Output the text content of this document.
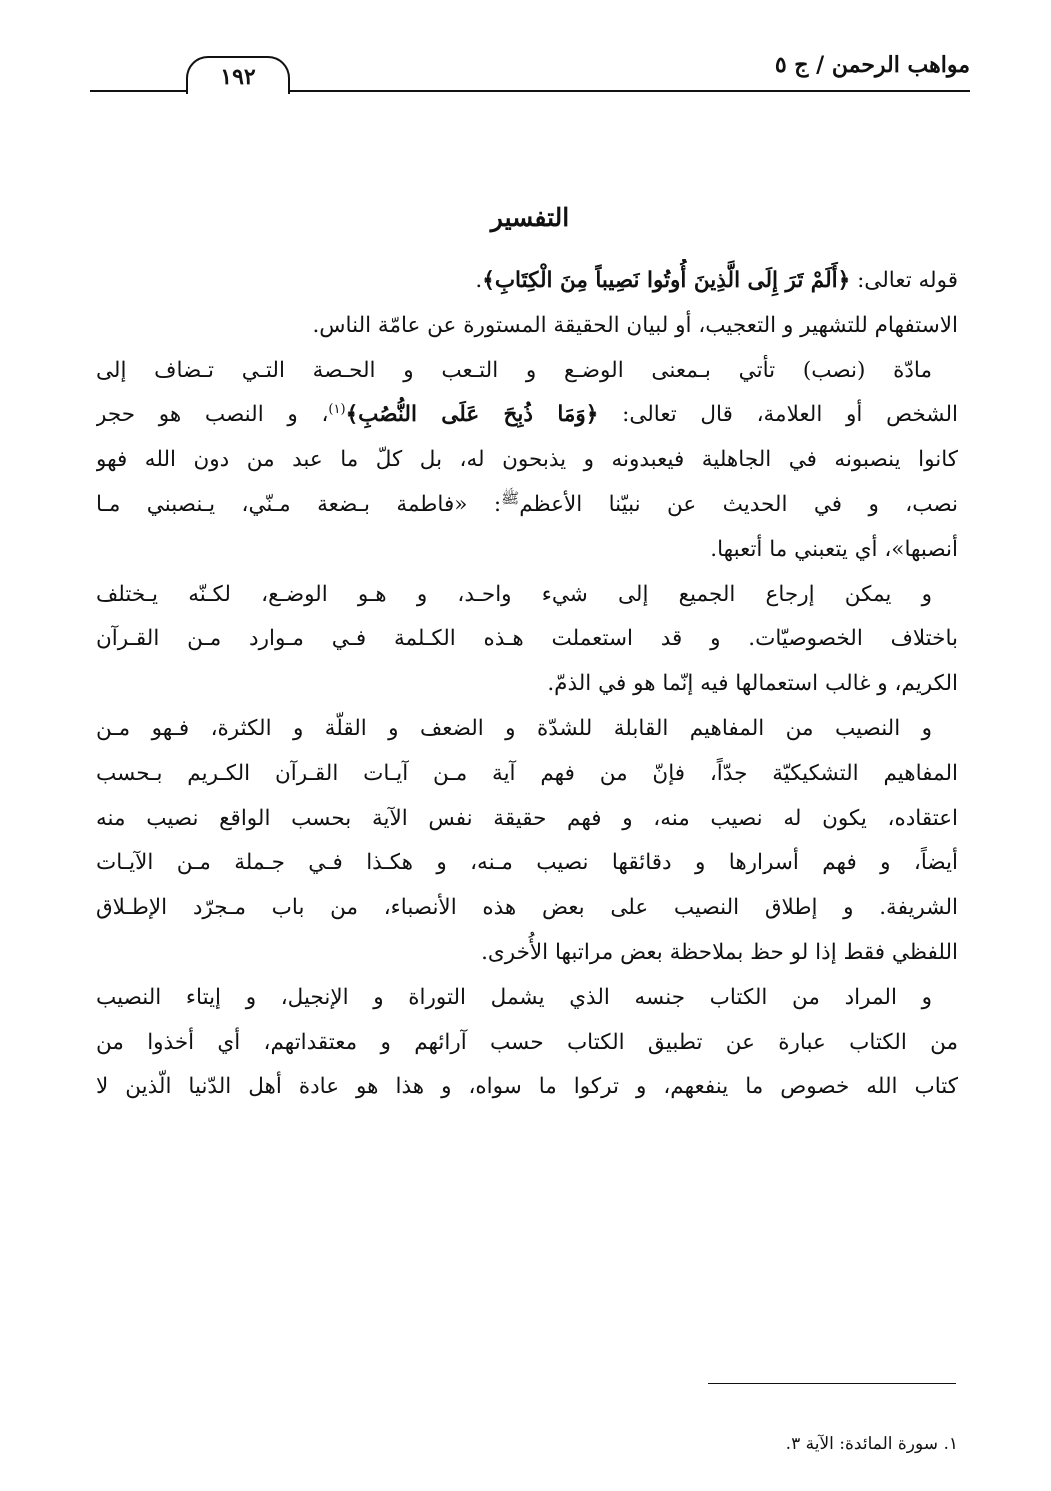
مواهب الرحمن / ج ٥
١٩٢
التفسير
قوله تعالى: ﴿أَلَمْ تَرَ إِلَى الَّذِينَ أُوتُوا نَصِيباً مِنَ الْكِتَابِ﴾.
الاستفهام للتشهير و التعجيب، أو لبيان الحقيقة المستورة عن عامّة الناس.
مادّة (نصب) تأتي بـمعنى الوضـع و التـعب و الحـصة التـي تـضاف إلى
الشخص أو العلامة، قال تعالى: ﴿وَمَا ذُبِحَ عَلَى النُّصُبِ﴾$^{(١)}$، و النصب هو حجر
كانوا ينصبونه في الجاهلية فيعبدونه و يذبحون له، بل كلّ ما عبد من دون الله فهو
نصب، و في الحديث عن نبيّنا الأعظم$^ﷺ$: «فاطمة بـضعة مـنّي، يـنصبني مـا
أنصبها»، أي يتعبني ما أتعبها.
و يمكن إرجاع الجميع إلى شيء واحـد، و هـو الوضـع، لكـنّه يـختلف
باختلاف الخصوصيّات. و قد استعملت هـذه الكـلمة فـي مـوارد مـن القـرآن
الكريم، و غالب استعمالها فيه إنّما هو في الذمّ.
و النصيب من المفاهيم القابلة للشدّة و الضعف و القلّة و الكثرة، فـهو مـن
المفاهيم التشكيكيّة جدّاً، فإنّ من فهم آية مـن آيـات القـرآن الكـريم بـحسب
اعتقاده، يكون له نصيب منه، و فهم حقيقة نفس الآية بحسب الواقع نصيب منه
أيضاً، و فهم أسرارها و دقائقها نصيب مـنه، و هكـذا فـي جـملة مـن الآيـات
الشريفة. و إطلاق النصيب على بعض هذه الأنصباء، من باب مـجرّد الإطـلاق
اللفظي فقط إذا لو حظ بملاحظة بعض مراتبها الأُخرى.
و المراد من الكتاب جنسه الذي يشمل التوراة و الإنجيل، و إيتاء النصيب
من الكتاب عبارة عن تطبيق الكتاب حسب آرائهم و معتقداتهم، أي أخذوا من
كتاب الله خصوص ما ينفعهم، و تركوا ما سواه، و هذا هو عادة أهل الدّنيا الّذين لا
١. سورة المائدة: الآية ٣.
